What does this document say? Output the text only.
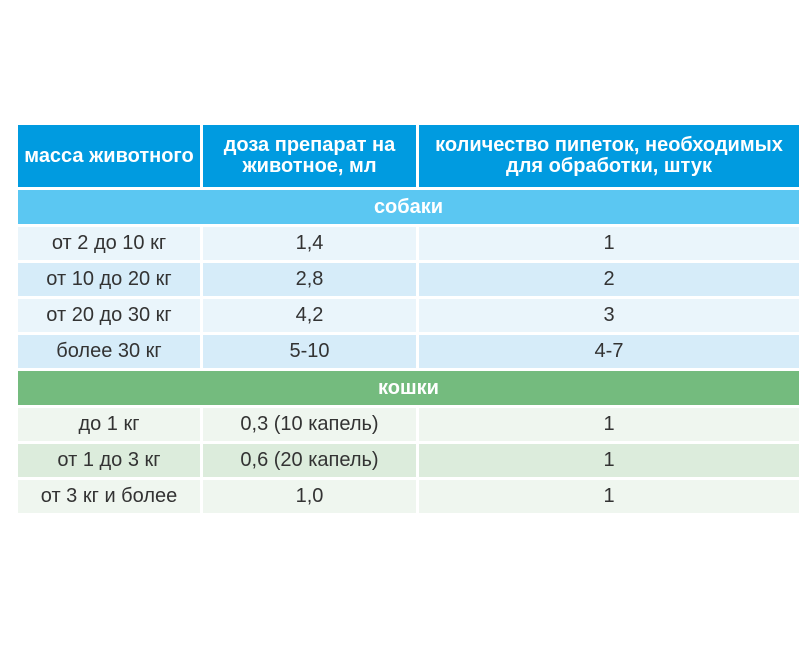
масса животного	доза препарат на животное, мл	количество пипеток, необходимых для обработки, штук
собаки		
от 2 до 10 кг	1,4	1
от 10 до 20 кг	2,8	2
от 20 до 30 кг	4,2	3
более 30 кг	5-10	4-7
кошки		
до 1 кг	0,3 (10 капель)	1
от 1 до 3 кг	0,6 (20 капель)	1
от 3 кг и более	1,0	1
